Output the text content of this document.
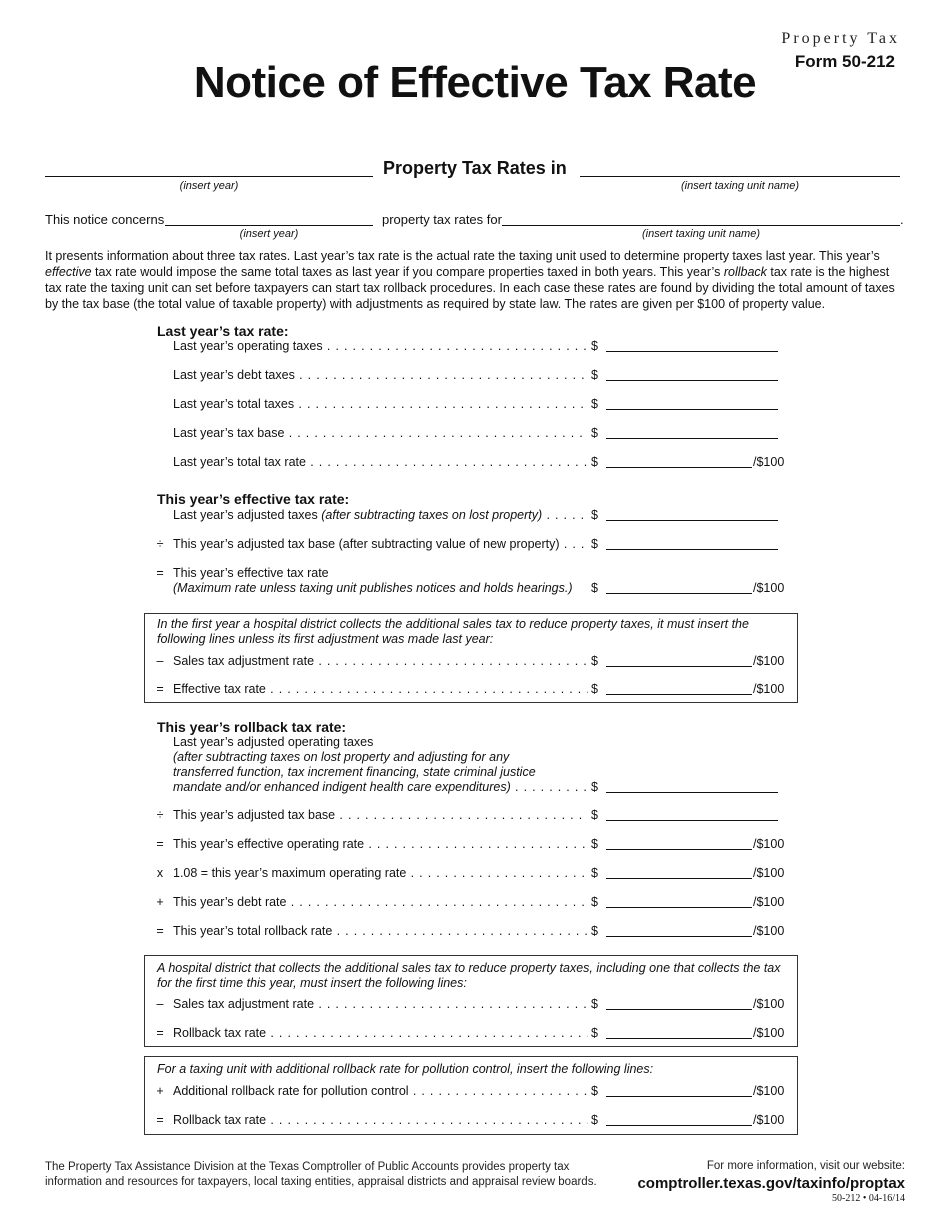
Property Tax
Form 50-212
Notice of Effective Tax Rate
Property Tax Rates in
(insert year)	(insert taxing unit name)
This notice concerns	property tax rates for	.
(insert year)	(insert taxing unit name)
It presents information about three tax rates. Last year’s tax rate is the actual rate the taxing unit used to determine property taxes last year. This year’s effective tax rate would impose the same total taxes as last year if you compare properties taxed in both years. This year’s rollback tax rate is the highest tax rate the taxing unit can set before taxpayers can start tax rollback procedures. In each case these rates are found by dividing the total amount of taxes by the tax base (the total value of taxable property) with adjustments as required by state law. The rates are given per $100 of property value.
Last year’s tax rate:
Last year’s operating taxes . . .	$
Last year’s debt taxes . . .	$
Last year’s total taxes . . .	$
Last year’s tax base . . .	$
Last year’s total tax rate . . .	$	/$100
This year’s effective tax rate:
Last year’s adjusted taxes (after subtracting taxes on lost property) . . .	$
÷ This year’s adjusted tax base (after subtracting value of new property) . . .	$
= This year’s effective tax rate
(Maximum rate unless taxing unit publishes notices and holds hearings.)	$	/$100
In the first year a hospital district collects the additional sales tax to reduce property taxes, it must insert the following lines unless its first adjustment was made last year:
– Sales tax adjustment rate . . .	$	/$100
= Effective tax rate . . .	$	/$100
This year’s rollback tax rate:
Last year’s adjusted operating taxes
(after subtracting taxes on lost property and adjusting for any
transferred function, tax increment financing, state criminal justice
mandate and/or enhanced indigent health care expenditures) . . .	$
÷ This year’s adjusted tax base . . .	$
= This year’s effective operating rate . . .	$	/$100
x 1.08 = this year’s maximum operating rate . . .	$	/$100
+ This year’s debt rate . . .	$	/$100
= This year’s total rollback rate . . .	$	/$100
A hospital district that collects the additional sales tax to reduce property taxes, including one that collects the tax for the first time this year, must insert the following lines:
– Sales tax adjustment rate . . .	$	/$100
= Rollback tax rate . . .	$	/$100
For a taxing unit with additional rollback rate for pollution control, insert the following lines:
+ Additional rollback rate for pollution control . . .	$	/$100
= Rollback tax rate . . .	$	/$100
The Property Tax Assistance Division at the Texas Comptroller of Public Accounts provides property tax
information and resources for taxpayers, local taxing entities, appraisal districts and appraisal review boards.
For more information, visit our website:
comptroller.texas.gov/taxinfo/proptax
50-212 • 04-16/14
